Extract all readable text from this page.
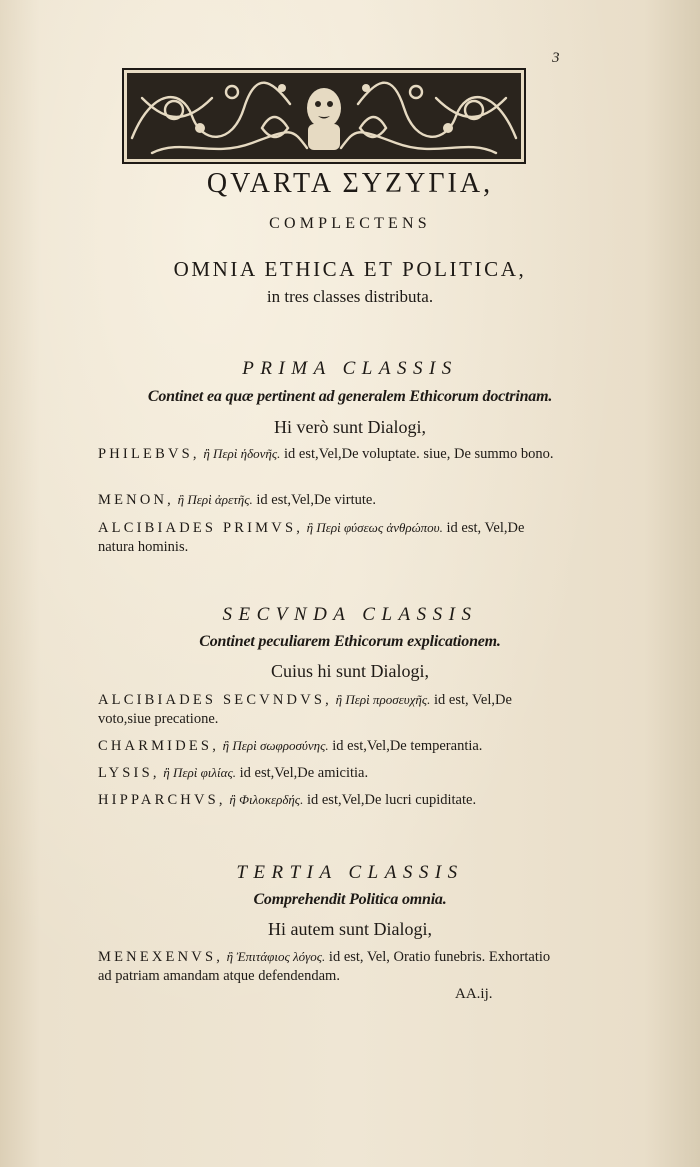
3
QVARTA ΣΥΖΥΓΙΑ,
COMPLECTENS
OMNIA ETHICA ET POLITICA,
in tres classes distributa.
PRIMA CLASSIS
Continet ea quæ pertinent ad generalem Ethicorum doctrinam.
Hi verò sunt Dialogi,

PHILEBVS, ἢ Περὶ ἡδονῆς. id est,Vel,De voluptate. siue, De summo bono.

MENON, ἢ Περὶ ἀρετῆς. id est,Vel,De virtute.

ALCIBIADES PRIMVS, ἢ Περὶ φύσεως ἀνθρώπου. id est, Vel,De natura hominis.

SECVNDA CLASSIS
Continet peculiarem Ethicorum explicationem.
Cuius hi sunt Dialogi,

ALCIBIADES SECVNDVS, ἢ Περὶ προσευχῆς. id est, Vel,De voto,siue precatione.

CHARMIDES, ἢ Περὶ σωφροσύνης. id est,Vel,De temperantia.

LYSIS, ἢ Περὶ φιλίας. id est,Vel,De amicitia.

HIPPARCHVS, ἢ Φιλοκερδής. id est,Vel,De lucri cupiditate.

TERTIA CLASSIS
Comprehendit Politica omnia.
Hi autem sunt Dialogi,

MENEXENVS, ἢ Ἐπιτάφιος λόγος. id est, Vel, Oratio funebris. Exhortatio ad patriam amandam atque defendendam.

AA.ij.
